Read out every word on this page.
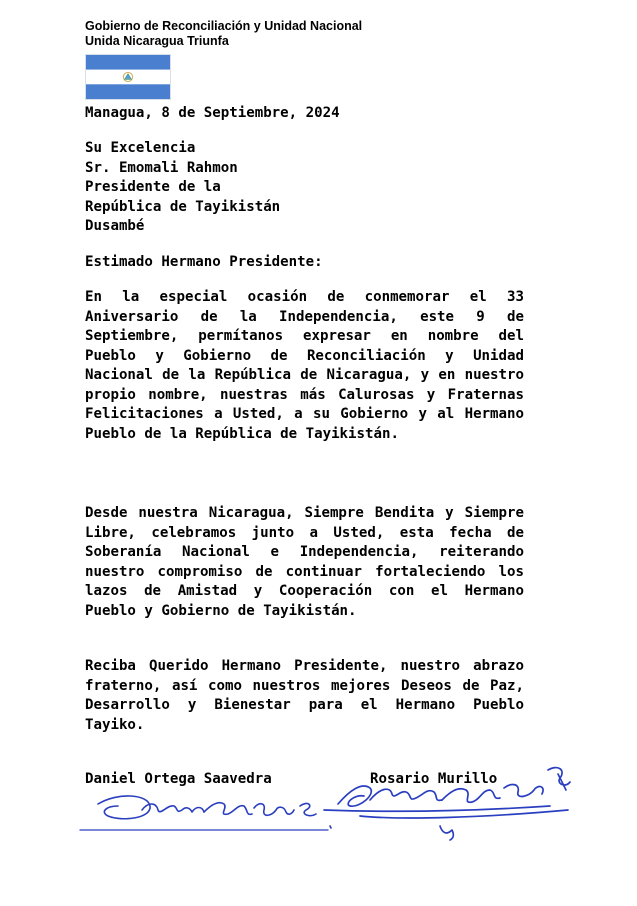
Gobierno de Reconciliación y Unidad Nacional
Unida Nicaragua Triunfa
Managua, 8 de Septiembre, 2024
Su Excelencia
Sr. Emomali Rahmon
Presidente de la
República de Tayikistán
Dusambé
Estimado Hermano Presidente:
En la especial ocasión de conmemorar el 33 Aniversario de la Independencia, este 9 de Septiembre, permítanos expresar en nombre del Pueblo y Gobierno de Reconciliación y Unidad Nacional de la República de Nicaragua, y en nuestro propio nombre, nuestras más Calurosas y Fraternas Felicitaciones a Usted, a su Gobierno y al Hermano Pueblo de la República de Tayikistán.
Desde nuestra Nicaragua, Siempre Bendita y Siempre Libre, celebramos junto a Usted, esta fecha de Soberanía Nacional e Independencia, reiterando nuestro compromiso de continuar fortaleciendo los lazos de Amistad y Cooperación con el Hermano Pueblo y Gobierno de Tayikistán.
Reciba Querido Hermano Presidente, nuestro abrazo fraterno, así como nuestros mejores Deseos de Paz, Desarrollo y Bienestar para el Hermano Pueblo Tayiko.
Daniel Ortega Saavedra	Rosario Murillo
